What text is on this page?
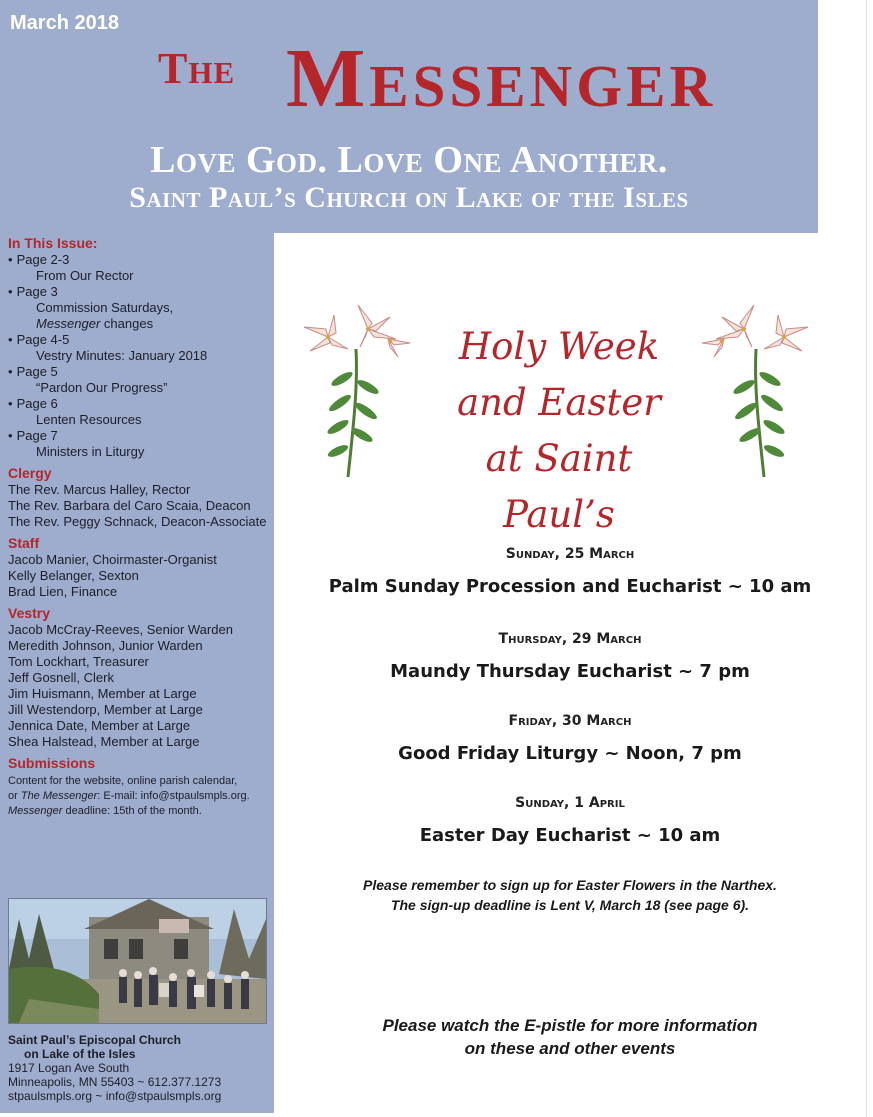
March 2018
The Messenger
Love God. Love One Another.
Saint Paul’s Church on Lake of the Isles
In This Issue:
• Page 2-3
From Our Rector
• Page 3
Commission Saturdays,
Messenger changes
• Page 4-5
Vestry Minutes: January 2018
• Page 5
“Pardon Our Progress”
• Page 6
Lenten Resources
• Page 7
Ministers in Liturgy
Clergy
The Rev. Marcus Halley, Rector
The Rev. Barbara del Caro Scaia, Deacon
The Rev. Peggy Schnack, Deacon-Associate
Staff
Jacob Manier, Choirmaster-Organist
Kelly Belanger, Sexton
Brad Lien, Finance
Vestry
Jacob McCray-Reeves, Senior Warden
Meredith Johnson, Junior Warden
Tom Lockhart, Treasurer
Jeff Gosnell, Clerk
Jim Huismann, Member at Large
Jill Westendorp, Member at Large
Jennica Date, Member at Large
Shea Halstead, Member at Large
Submissions
Content for the website, online parish calendar,
or The Messenger: E-mail: info@stpaulsmpls.org.
Messenger deadline: 15th of the month.
Saint Paul’s Episcopal Church
on Lake of the Isles
1917 Logan Ave South
Minneapolis, MN 55403 ~ 612.377.1273
stpaulsmpls.org ~ info@stpaulsmpls.org
Holy Week
and Easter
at Saint Paul’s
Sunday, 25 March
Palm Sunday Procession and Eucharist ~ 10 am
Thursday, 29 March
Maundy Thursday Eucharist ~ 7 pm
Friday, 30 March
Good Friday Liturgy ~ Noon, 7 pm
Sunday, 1 April
Easter Day Eucharist ~ 10 am
Please remember to sign up for Easter Flowers in the Narthex.
The sign-up deadline is Lent V, March 18 (see page 6).
Please watch the E-pistle for more information
on these and other events
